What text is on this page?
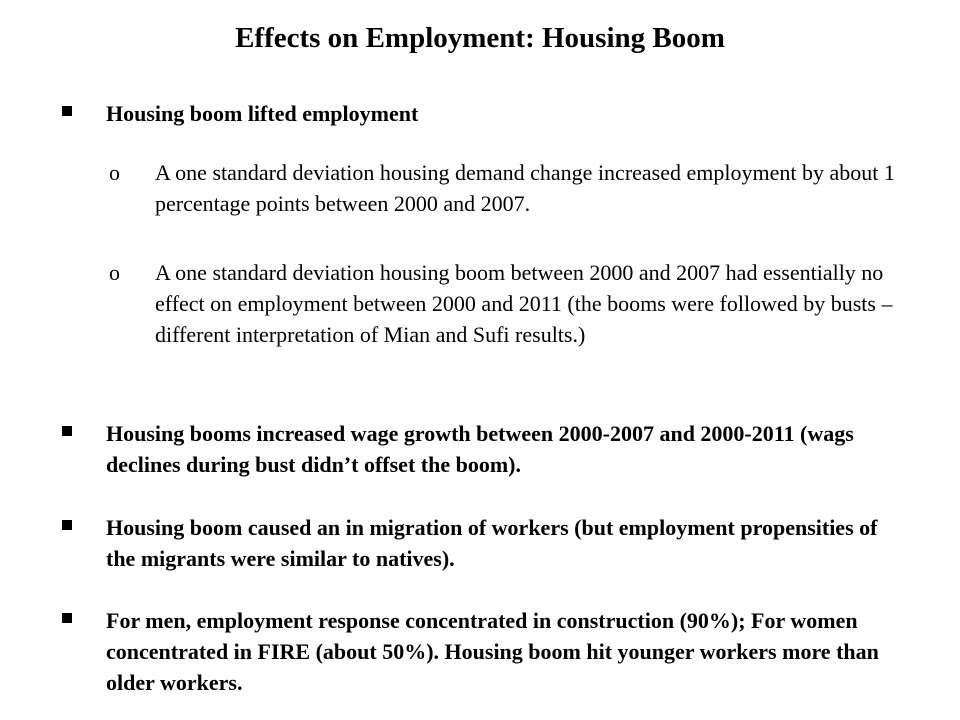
Effects on Employment: Housing Boom

Housing boom lifted employment

o A one standard deviation housing demand change increased employment by about 1 percentage points between 2000 and 2007.

o A one standard deviation housing boom between 2000 and 2007 had essentially no effect on employment between 2000 and 2011 (the booms were followed by busts – different interpretation of Mian and Sufi results.)

Housing booms increased wage growth between 2000-2007 and 2000-2011 (wags declines during bust didn’t offset the boom).

Housing boom caused an in migration of workers (but employment propensities of the migrants were similar to natives).

For men, employment response concentrated in construction (90%); For women concentrated in FIRE (about 50%). Housing boom hit younger workers more than older workers.
